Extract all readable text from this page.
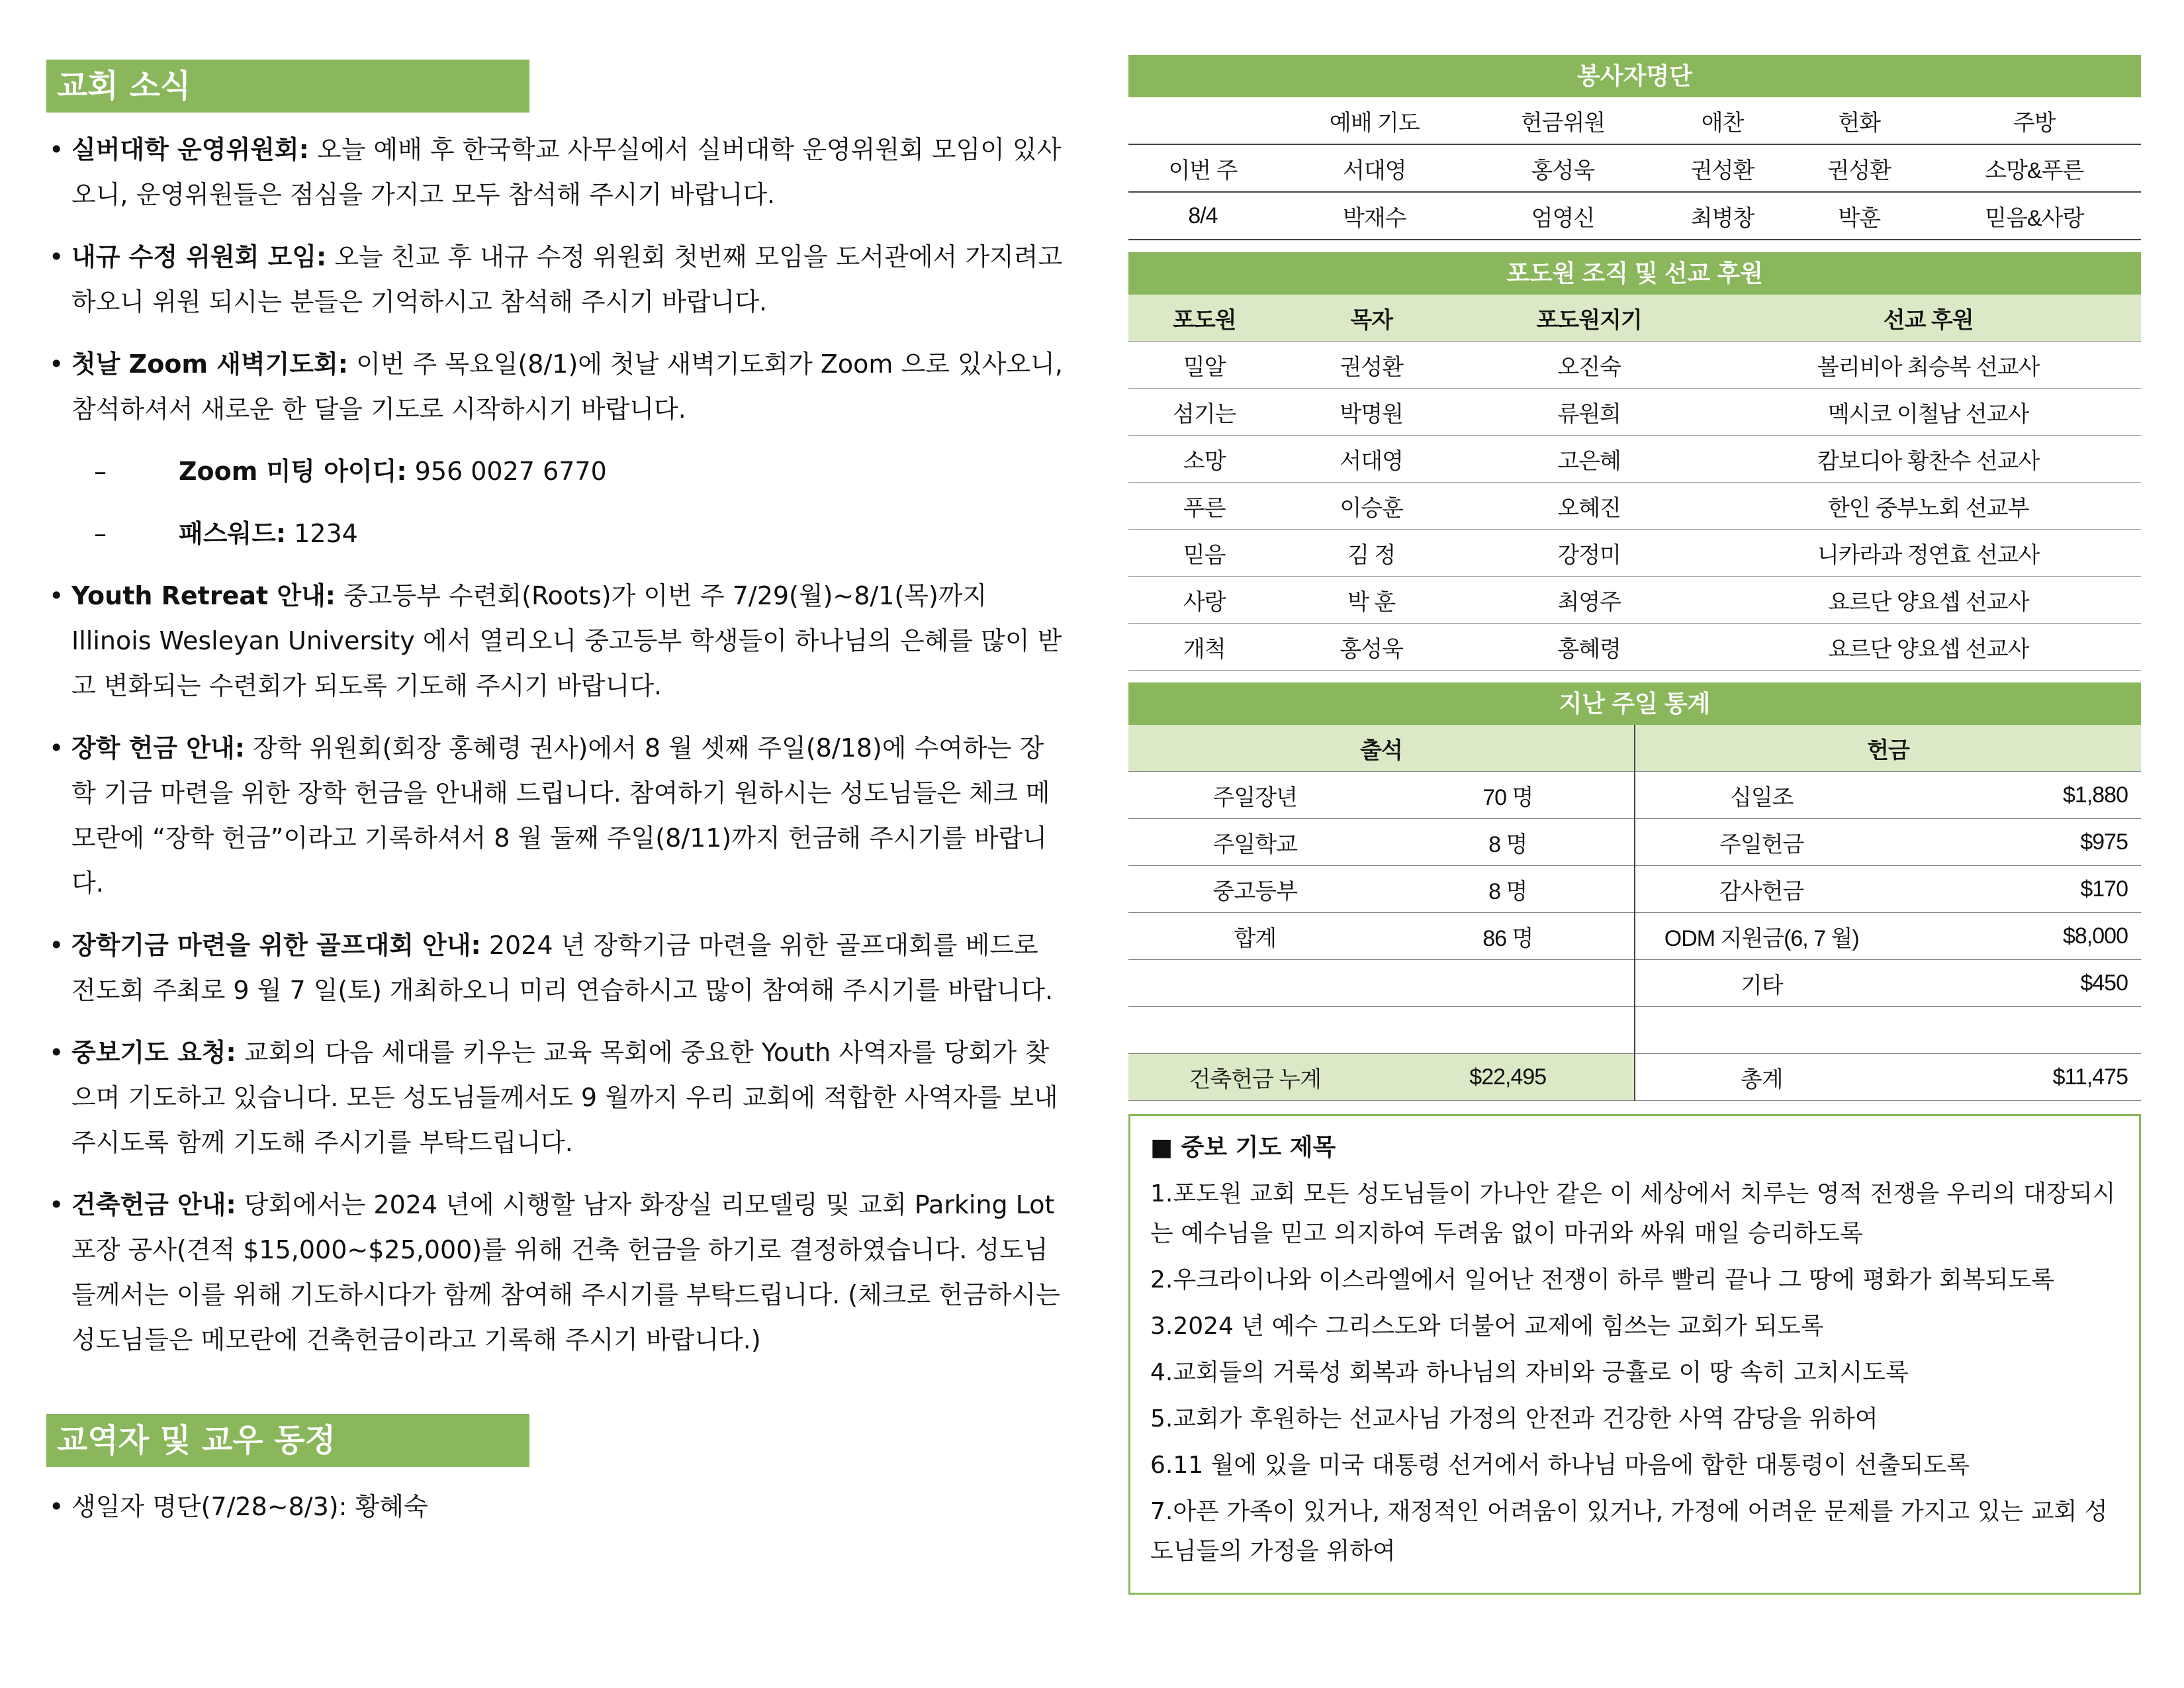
교회 소식
• 실버대학 운영위원회: 오늘 예배 후 한국학교 사무실에서 실버대학 운영위원회 모임이 있사오니, 운영위원들은 점심을 가지고 모두 참석해 주시기 바랍니다.
• 내규 수정 위원회 모임: 오늘 친교 후 내규 수정 위원회 첫번째 모임을 도서관에서 가지려고 하오니 위원 되시는 분들은 기억하시고 참석해 주시기 바랍니다.
• 첫날 Zoom 새벽기도회: 이번 주 목요일(8/1)에 첫날 새벽기도회가 Zoom 으로 있사오니, 참석하셔서 새로운 한 달을 기도로 시작하시기 바랍니다.
–	Zoom 미팅 아이디: 956 0027 6770
–	패스워드: 1234
• Youth Retreat 안내: 중고등부 수련회(Roots)가 이번 주 7/29(월)~8/1(목)까지 Illinois Wesleyan University 에서 열리오니 중고등부 학생들이 하나님의 은혜를 많이 받고 변화되는 수련회가 되도록 기도해 주시기 바랍니다.
• 장학 헌금 안내: 장학 위원회(회장 홍혜령 권사)에서 8 월 셋째 주일(8/18)에 수여하는 장학 기금 마련을 위한 장학 헌금을 안내해 드립니다. 참여하기 원하시는 성도님들은 체크 메모란에 “장학 헌금”이라고 기록하셔서 8 월 둘째 주일(8/11)까지 헌금해 주시기를 바랍니다.
• 장학기금 마련을 위한 골프대회 안내: 2024 년 장학기금 마련을 위한 골프대회를 베드로 전도회 주최로 9 월 7 일(토) 개최하오니 미리 연습하시고 많이 참여해 주시기를 바랍니다.
• 중보기도 요청: 교회의 다음 세대를 키우는 교육 목회에 중요한 Youth 사역자를 당회가 찾으며 기도하고 있습니다. 모든 성도님들께서도 9 월까지 우리 교회에 적합한 사역자를 보내주시도록 함께 기도해 주시기를 부탁드립니다.
• 건축헌금 안내: 당회에서는 2024 년에 시행할 남자 화장실 리모델링 및 교회 Parking Lot 포장 공사(견적 $15,000~$25,000)를 위해 건축 헌금을 하기로 결정하였습니다. 성도님들께서는 이를 위해 기도하시다가 함께 참여해 주시기를 부탁드립니다. (체크로 헌금하시는 성도님들은 메모란에 건축헌금이라고 기록해 주시기 바랍니다.)
교역자 및 교우 동정
• 생일자 명단(7/28~8/3): 황혜숙
봉사자명단
	예배 기도	헌금위원	애찬	헌화	주방
이번 주	서대영	홍성욱	권성환	권성환	소망&푸른
8/4	박재수	엄영신	최병창	박훈	믿음&사랑
포도원 조직 및 선교 후원
포도원	목자	포도원지기	선교 후원
밀알	권성환	오진숙	볼리비아 최승복 선교사
섬기는	박명원	류원희	멕시코 이철남 선교사
소망	서대영	고은혜	캄보디아 황찬수 선교사
푸른	이승훈	오혜진	한인 중부노회 선교부
믿음	김 정	강정미	니카라과 정연효 선교사
사랑	박 훈	최영주	요르단 양요셉 선교사
개척	홍성욱	홍혜령	요르단 양요셉 선교사
지난 주일 통계
출석		헌금	
주일장년	70 명	십일조	$1,880
주일학교	8 명	주일헌금	$975
중고등부	8 명	감사헌금	$170
합계	86 명	ODM 지원금(6, 7 월)	$8,000
		기타	$450

건축헌금 누계	$22,495	총계	$11,475
■ 중보 기도 제목
1.포도원 교회 모든 성도님들이 가나안 같은 이 세상에서 치루는 영적 전쟁을 우리의 대장되시는 예수님을 믿고 의지하여 두려움 없이 마귀와 싸워 매일 승리하도록
2.우크라이나와 이스라엘에서 일어난 전쟁이 하루 빨리 끝나 그 땅에 평화가 회복되도록
3.2024 년 예수 그리스도와 더불어 교제에 힘쓰는 교회가 되도록
4.교회들의 거룩성 회복과 하나님의 자비와 긍휼로 이 땅 속히 고치시도록
5.교회가 후원하는 선교사님 가정의 안전과 건강한 사역 감당을 위하여
6.11 월에 있을 미국 대통령 선거에서 하나님 마음에 합한 대통령이 선출되도록
7.아픈 가족이 있거나, 재정적인 어려움이 있거나, 가정에 어려운 문제를 가지고 있는 교회 성도님들의 가정을 위하여
